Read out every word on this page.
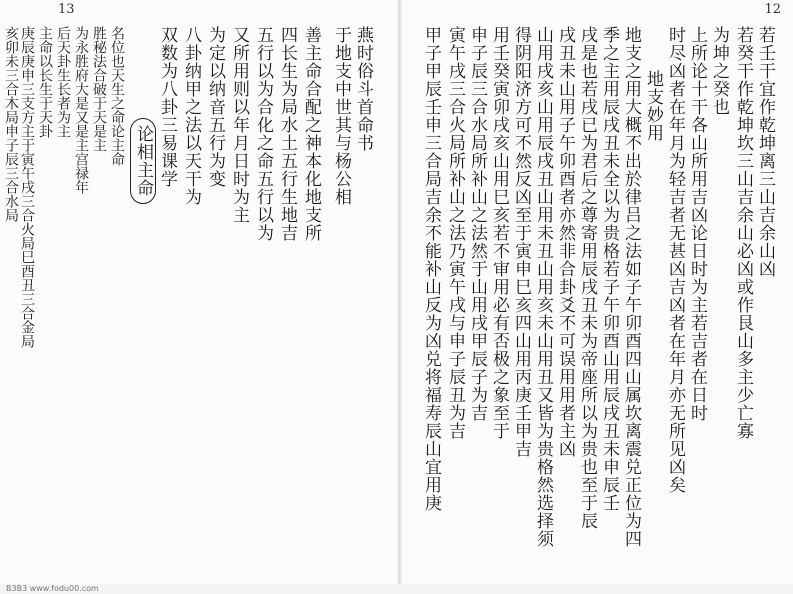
13
燕时俗斗首命书
于地支中世其与杨公相
善主命合配之神本化地支所
四长生为局水土五行生地吉
五行以为合化之命五行以为
又所用则以年月日时为主
为定以纳音五行为变
八卦纳甲之法以天干为
双数为八卦三易课学
论相主命
名位也天生之命论主命
胜秘法合破于天是主
为永胜府大是又是主宫禄年
后天卦生长者为主
主命以长生于天卦
庚辰庚申三支方主于寅午戌三合火局巳酉丑三合金局
亥卯未三合木局申子辰三合水局
12
若壬干宜作乾坤离三山吉余山凶
若癸干作乾坤坎三山吉余山必凶或作艮山多主少亡寡
为坤之癸也
上所论十干各山所用吉凶论日时为主若吉者在日时
时尽凶者在年月为轻吉者无甚凶吉凶者在年月亦无所见凶矣
地支妙用
地支之用大概不出於律吕之法如子午卯酉四山属坎离震兑正位为四
季之主用辰戌丑未全以为贵格若子午卯酉山用辰戌丑未申辰壬
戌是也若戌已为君后之尊寄用辰戌丑未为帝座所以为贵也至于辰
戌丑未山用子午卯酉者亦然非合卦爻不可误用用者主凶
山用戌亥山用辰戌丑山用未丑山用亥未山用丑又皆为贵格然选择须
得阴阳济方可不然反凶至于寅申巳亥四山用丙庚壬甲吉
用壬癸寅卯戌亥山用巳亥若不审用必有否极之象至于
申子辰三合水局所补山之法然于山用戌甲辰子为吉
寅午戌三合火局所补山之法乃寅午戌与申子辰丑为吉
甲子甲辰壬申三合局吉余不能补山反为凶兑将福寿辰山宜用庚
B3B3 www.fodu00.com
